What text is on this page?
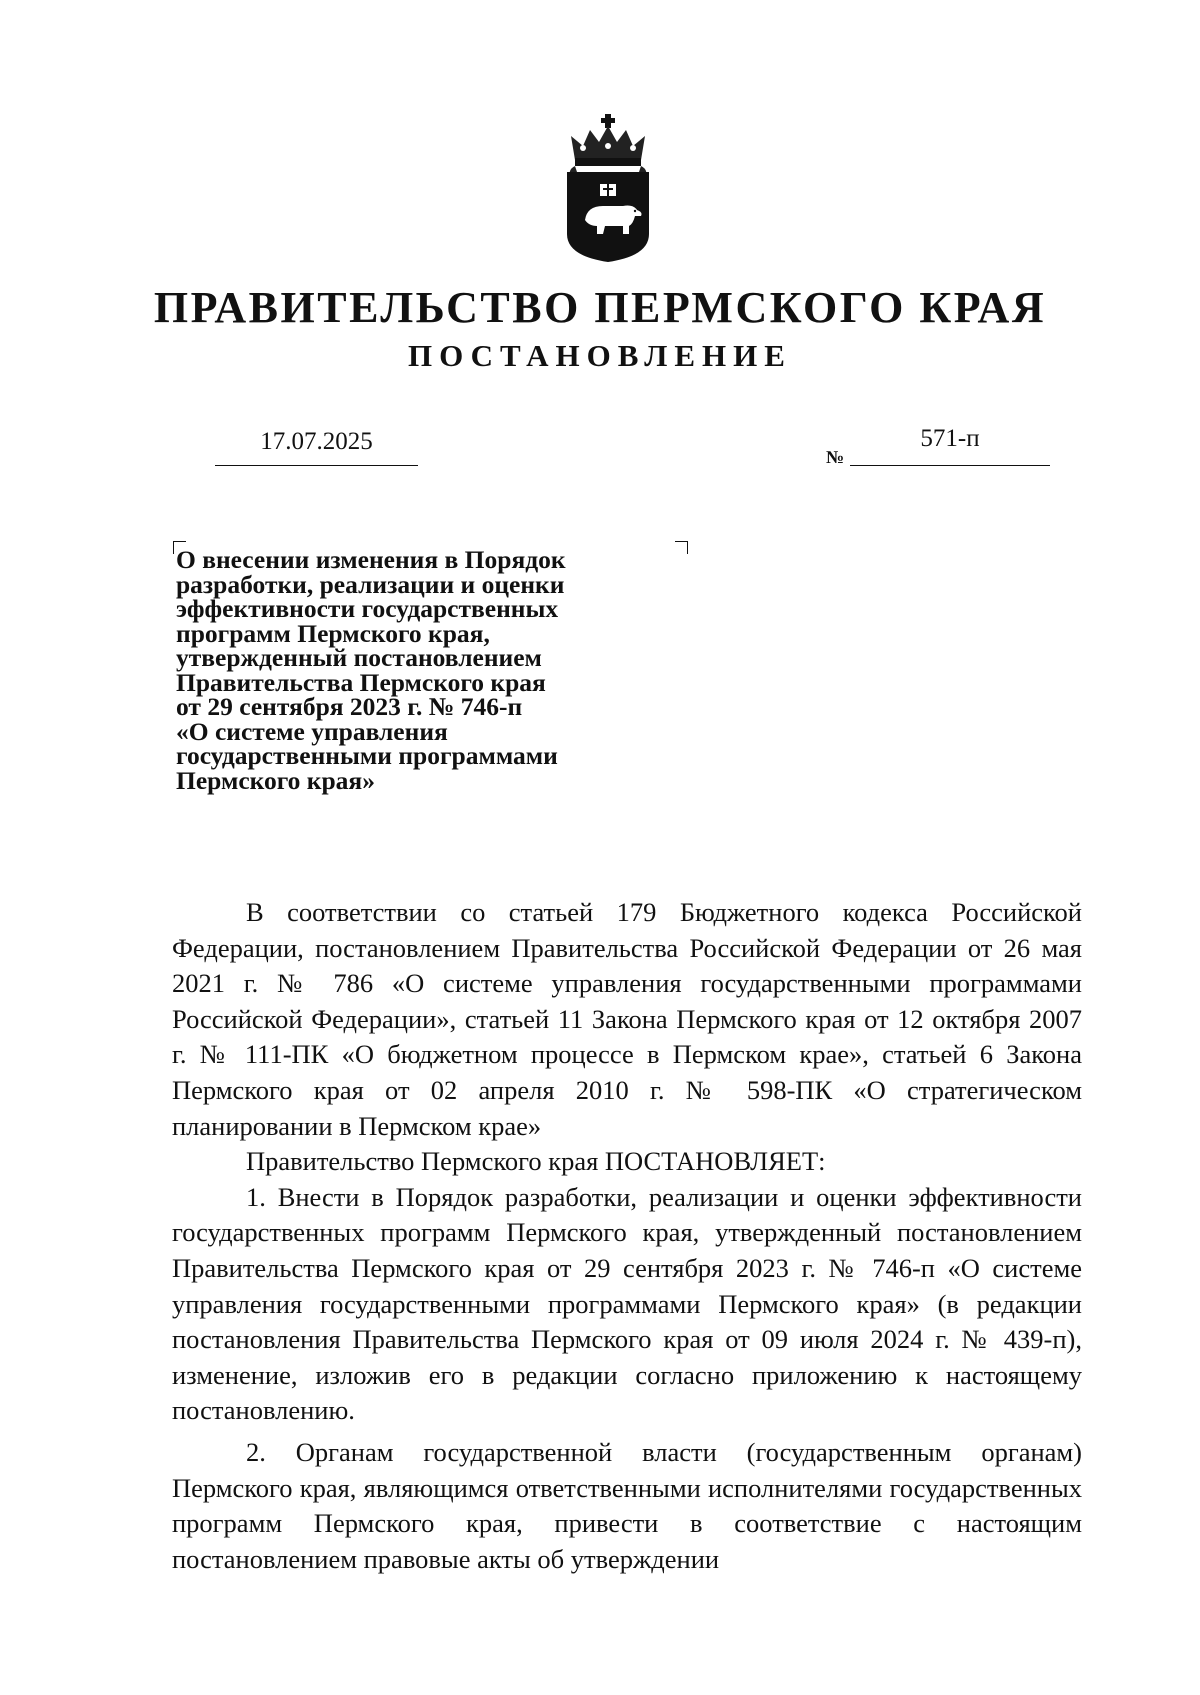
ПРАВИТЕЛЬСТВО ПЕРМСКОГО КРАЯ
ПОСТАНОВЛЕНИЕ
17.07.2025
№
571-п
О внесении изменения в Порядок
разработки, реализации и оценки
эффективности государственных
программ Пермского края,
утвержденный постановлением
Правительства Пермского края
от 29 сентября 2023 г. № 746-п
«О системе управления
государственными программами
Пермского края»

В соответствии со статьей 179 Бюджетного кодекса Российской Федерации, постановлением Правительства Российской Федерации от 26 мая 2021 г. № 786 «О системе управления государственными программами Российской Федерации», статьей 11 Закона Пермского края от 12 октября 2007 г. № 111-ПК «О бюджетном процессе в Пермском крае», статьей 6 Закона Пермского края от 02 апреля 2010 г. № 598-ПК «О стратегическом планировании в Пермском крае»

Правительство Пермского края ПОСТАНОВЛЯЕТ:

1. Внести в Порядок разработки, реализации и оценки эффективности государственных программ Пермского края, утвержденный постановлением Правительства Пермского края от 29 сентября 2023 г. № 746-п «О системе управления государственными программами Пермского края» (в редакции постановления Правительства Пермского края от 09 июля 2024 г. № 439-п), изменение, изложив его в редакции согласно приложению к настоящему постановлению.

2. Органам государственной власти (государственным органам) Пермского края, являющимся ответственными исполнителями государственных программ Пермского края, привести в соответствие с настоящим постановлением правовые акты об утверждении
